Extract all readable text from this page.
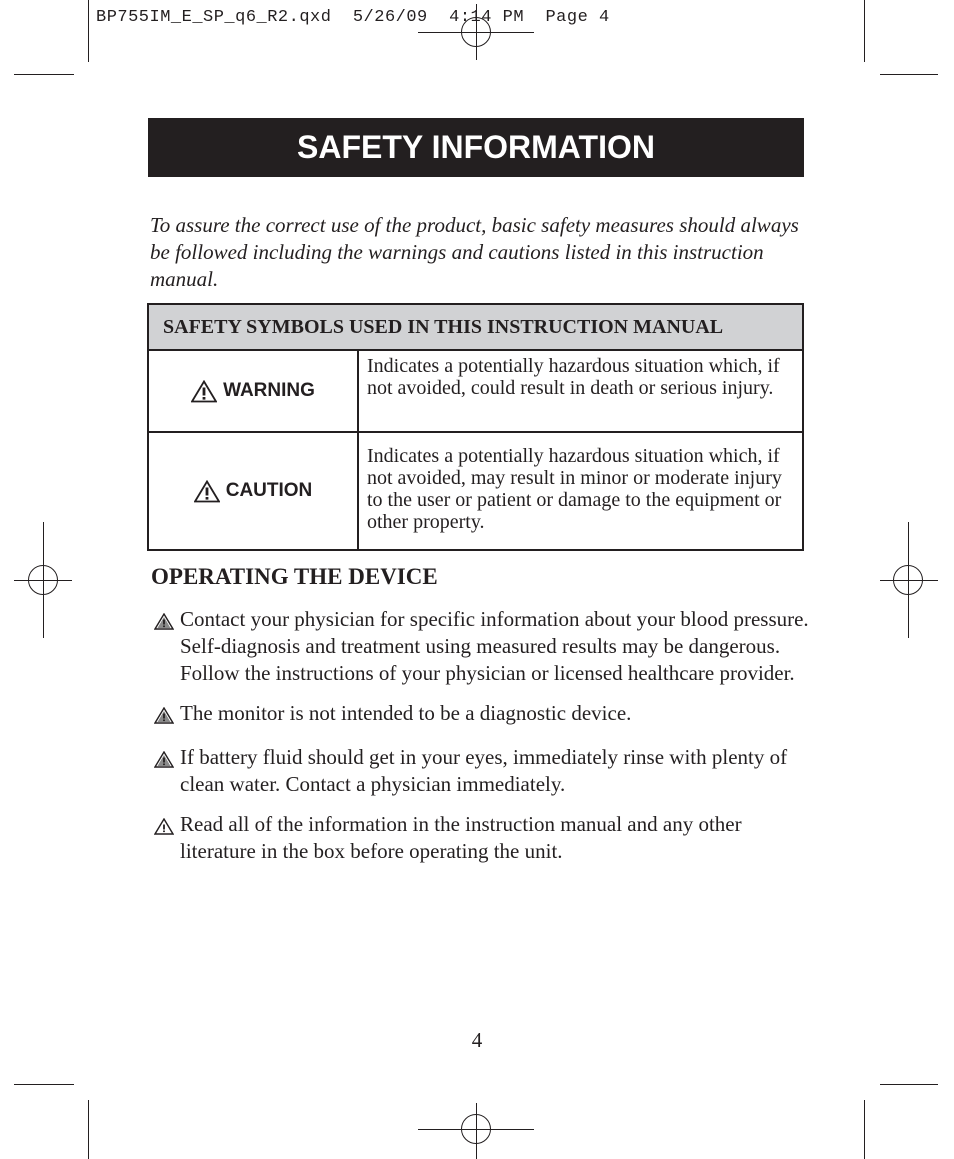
BP755IM_E_SP_q6_R2.qxd  5/26/09  4:14 PM  Page 4
SAFETY INFORMATION

To assure the correct use of the product, basic safety measures should always be followed including the warnings and cautions listed in this instruction manual.

SAFETY SYMBOLS USED IN THIS INSTRUCTION MANUAL
WARNING
Indicates a potentially hazardous situation which, if not avoided, could result in death or serious injury.
CAUTION
Indicates a potentially hazardous situation which, if not avoided, may result in minor or moderate injury to the user or patient or damage to the equipment or other property.
OPERATING THE DEVICE
Contact your physician for specific information about your blood pressure. Self-diagnosis and treatment using measured results may be dangerous. Follow the instructions of your physician or licensed healthcare provider.
The monitor is not intended to be a diagnostic device.
If battery fluid should get in your eyes, immediately rinse with plenty of clean water. Contact a physician immediately.
Read all of the information in the instruction manual and any other literature in the box before operating the unit.
4
